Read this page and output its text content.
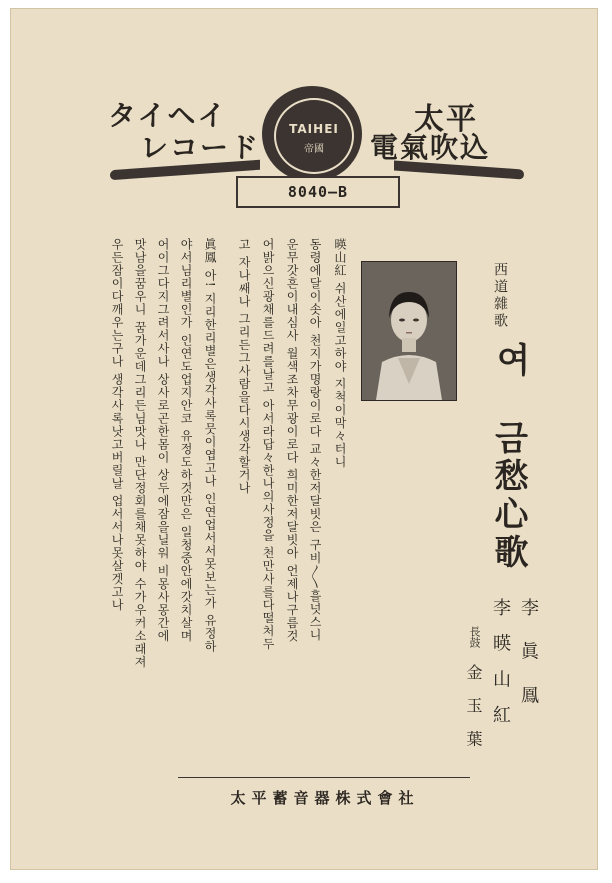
タイヘイ
レコード
太平
電氣吹込
TAIHEI
帝國
8040—B
西道雜歌
여
금愁心歌
李 眞 鳳
李 暎 山 紅
長鼓
金 玉 葉
暎山紅 쉬산에일고하야 지척이막々터니
동령에달이솟아 천지가명랑이로다 교々한저달빗은 구비〳〵흘넛스니
운무갓흔이내심사 월색조차무광이로다 희미한저달빗아 언제나구름것
어밝으신광채를드려를날고 아서라답々한나의사정을 천만사를다떨처두
고 자나쌔나 그리든그사람을다시생각할거나
眞鳳 아! 지리한리별은생각사록뭇이엽고나 인연업서서못보는가 유정하
야서님리별인가 인연도업지안코 유정도하것만은 일청중안에갓치살며
어이그다지그려서사나 상사로곤한몸이 상두에잠을닐워 비몽사몽간에
맛남을꿈우니 꿈가운데그리든님맛나 만단정회를채못하야 수가우커소래져
우든잠이다깨우는구나 생각사록낫고버릴날 업서서나못살겟고나
太平蓄音器株式會社
